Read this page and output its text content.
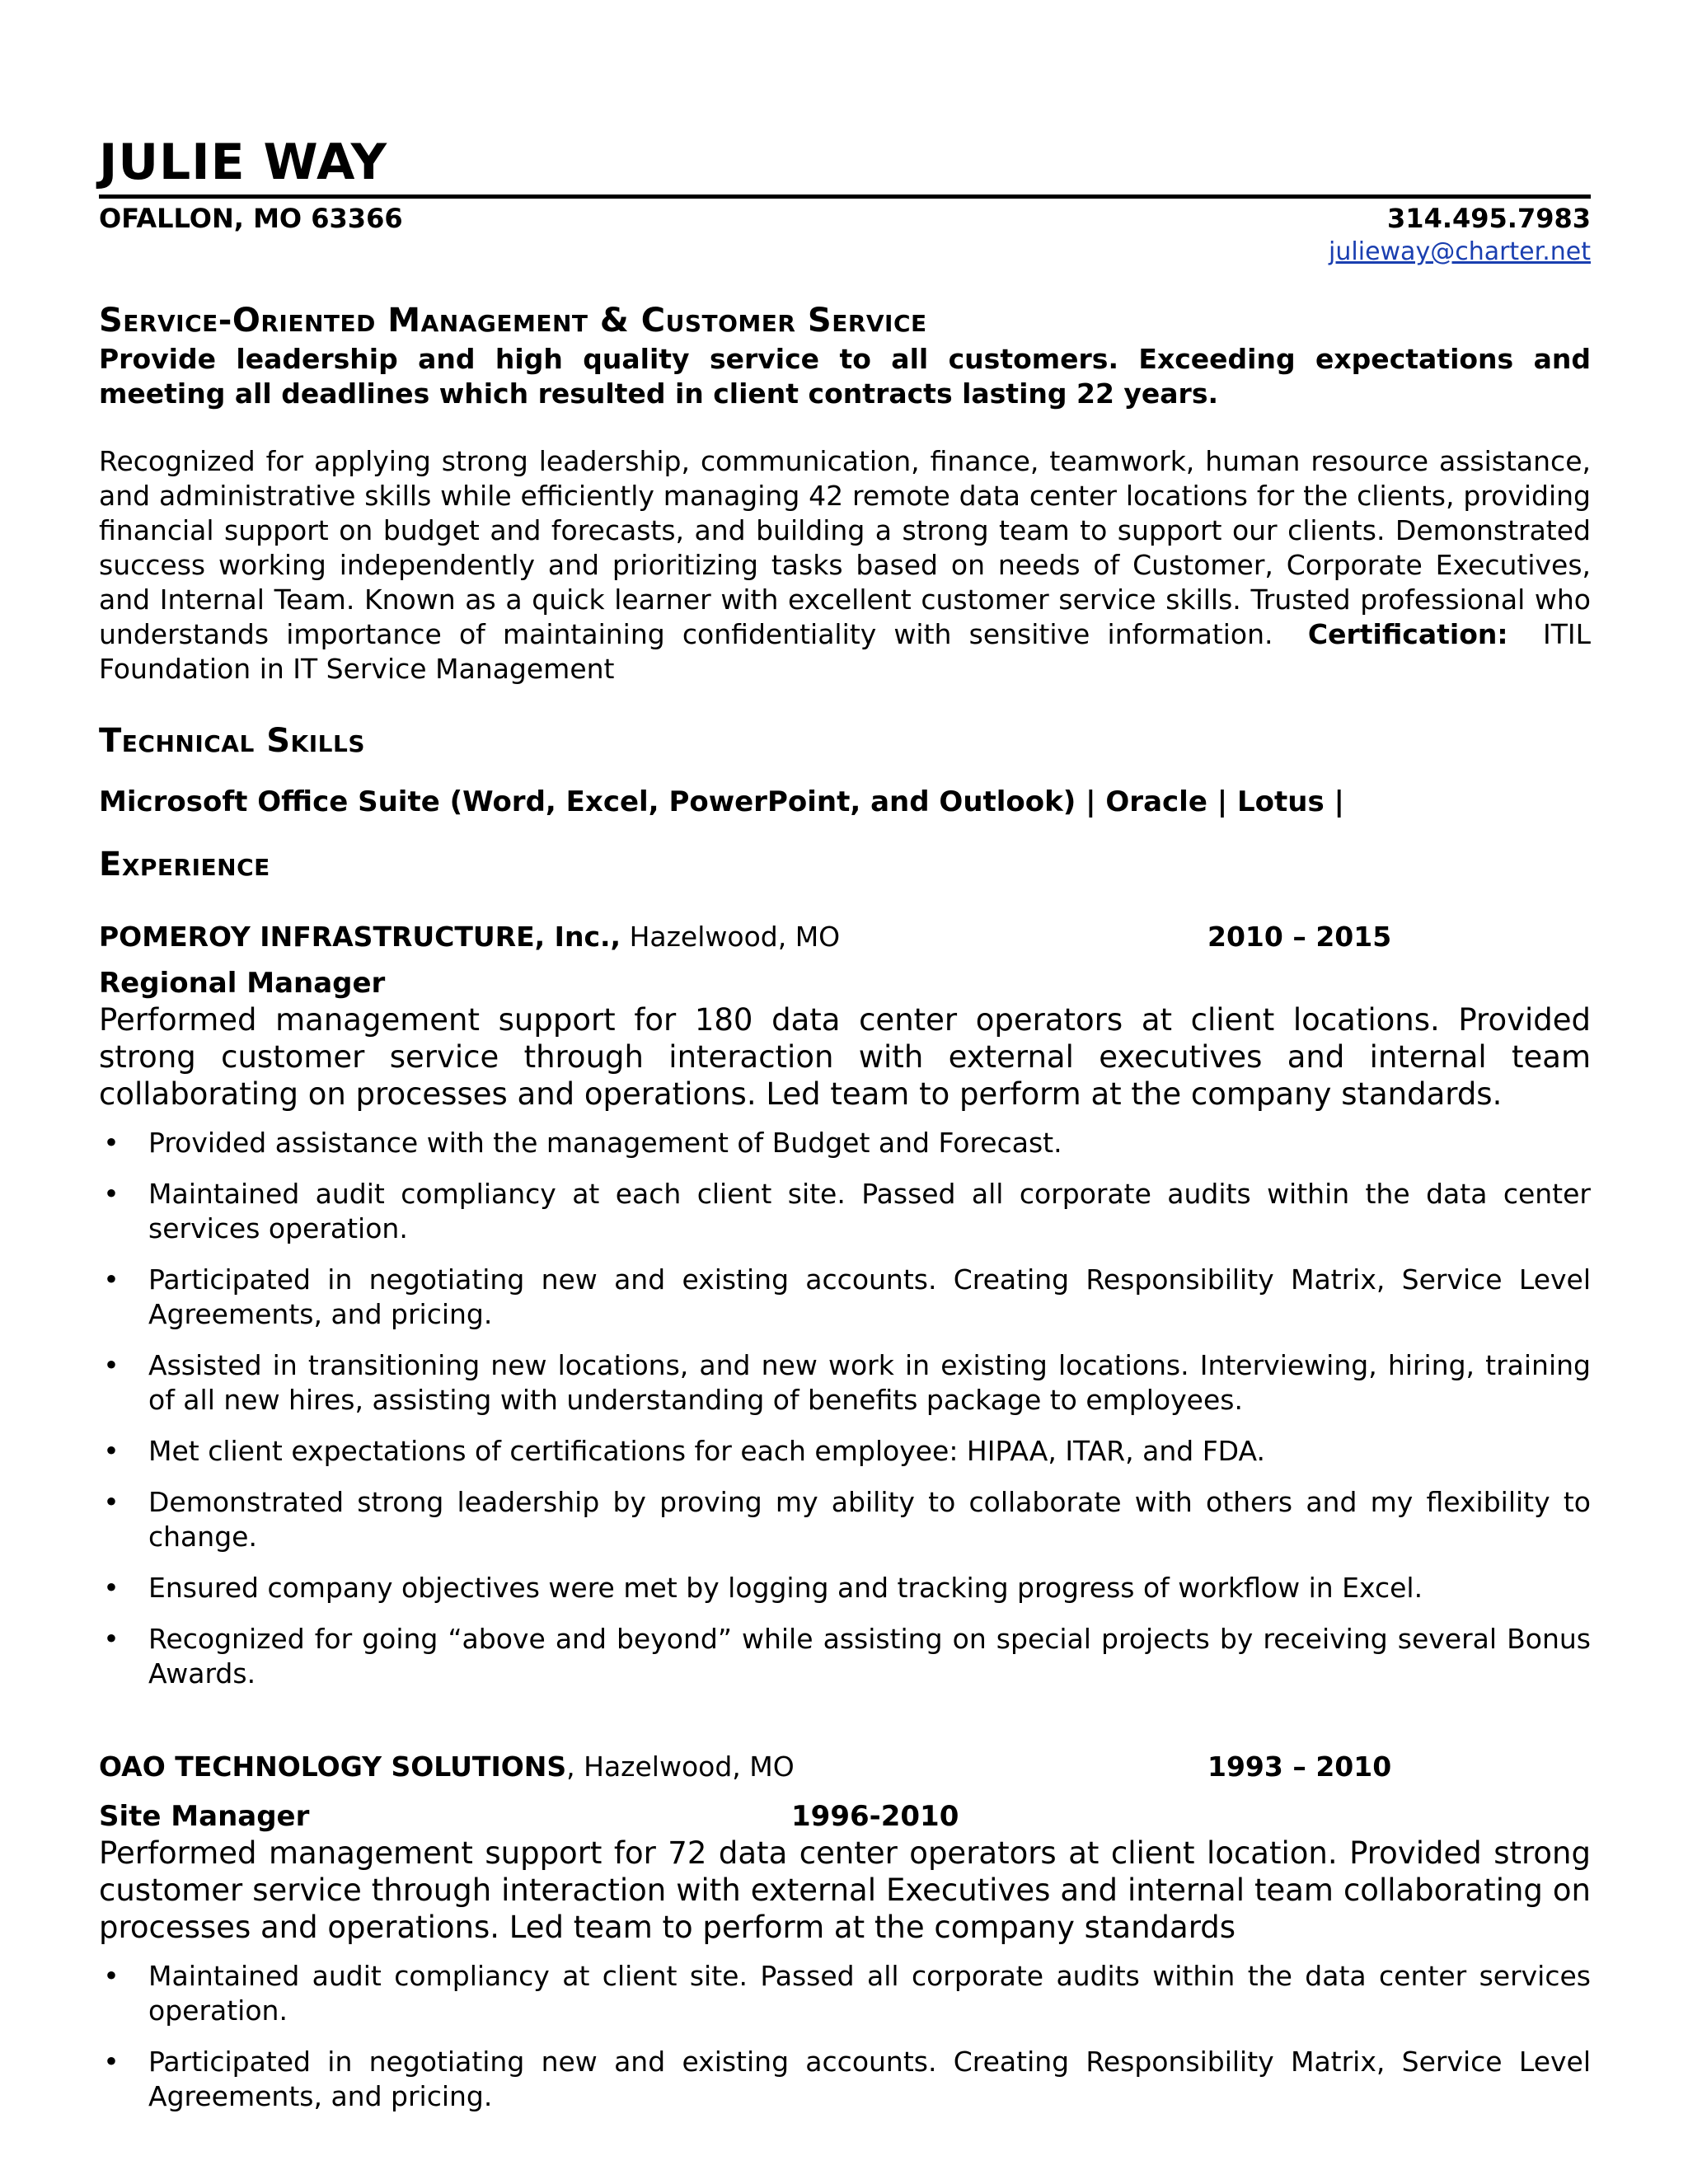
JULIE WAY
OFALLON, MO 63366	314.495.7983
julieway@charter.net
Service-Oriented Management & Customer Service

Provide leadership and high quality service to all customers. Exceeding expectations and meeting all deadlines which resulted in client contracts lasting 22 years.

Recognized for applying strong leadership, communication, finance, teamwork, human resource assistance, and administrative skills while efficiently managing 42 remote data center locations for the clients, providing financial support on budget and forecasts, and building a strong team to support our clients. Demonstrated success working independently and prioritizing tasks based on needs of Customer, Corporate Executives, and Internal Team. Known as a quick learner with excellent customer service skills. Trusted professional who understands importance of maintaining confidentiality with sensitive information. Certification: ITIL Foundation in IT Service Management

Technical Skills

Microsoft Office Suite (Word, Excel, PowerPoint, and Outlook) | Oracle | Lotus |

Experience
POMEROY INFRASTRUCTURE, Inc., Hazelwood, MO	2010 – 2015
Regional Manager

Performed management support for 180 data center operators at client locations. Provided strong customer service through interaction with external executives and internal team collaborating on processes and operations. Led team to perform at the company standards.

• Provided assistance with the management of Budget and Forecast.
• Maintained audit compliancy at each client site. Passed all corporate audits within the data center services operation.
• Participated in negotiating new and existing accounts. Creating Responsibility Matrix, Service Level Agreements, and pricing.
• Assisted in transitioning new locations, and new work in existing locations. Interviewing, hiring, training of all new hires, assisting with understanding of benefits package to employees.
• Met client expectations of certifications for each employee: HIPAA, ITAR, and FDA.
• Demonstrated strong leadership by proving my ability to collaborate with others and my flexibility to change.
• Ensured company objectives were met by logging and tracking progress of workflow in Excel.
• Recognized for going “above and beyond” while assisting on special projects by receiving several Bonus Awards.
OAO TECHNOLOGY SOLUTIONS, Hazelwood, MO	1993 – 2010
Site Manager	1996-2010

Performed management support for 72 data center operators at client location. Provided strong customer service through interaction with external Executives and internal team collaborating on processes and operations. Led team to perform at the company standards

• Maintained audit compliancy at client site. Passed all corporate audits within the data center services operation.
• Participated in negotiating new and existing accounts. Creating Responsibility Matrix, Service Level Agreements, and pricing.
